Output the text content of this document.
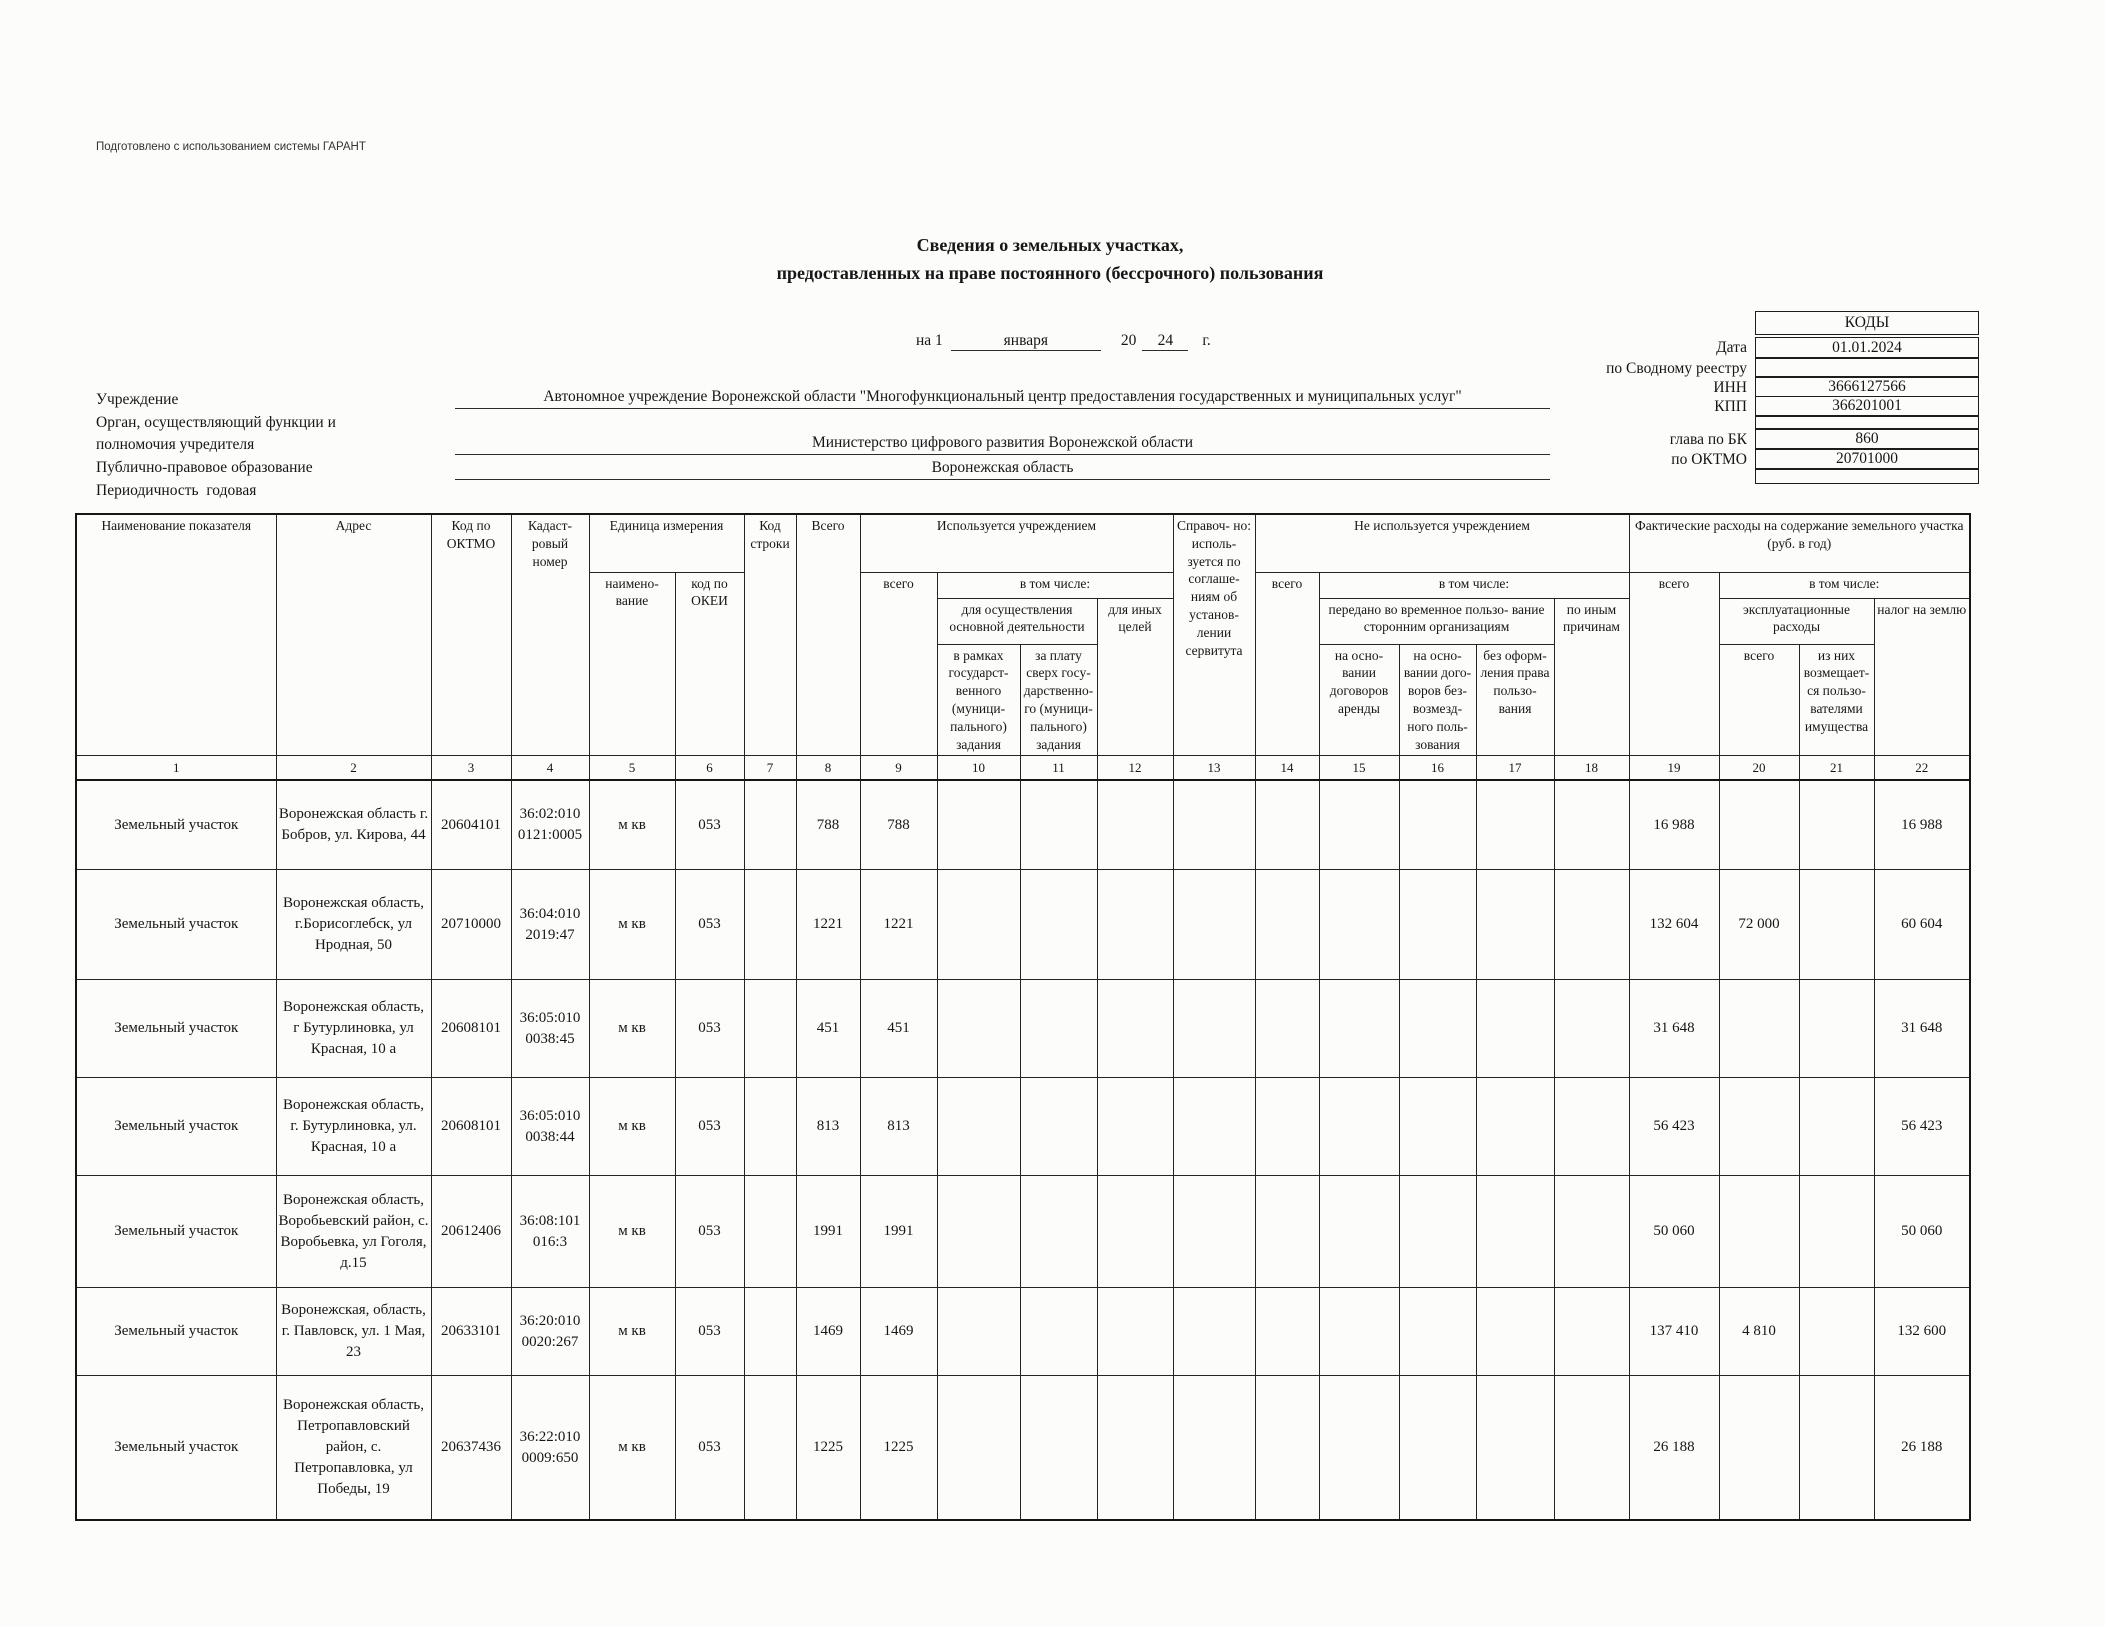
Подготовлено с использованием системы ГАРАНТ
Сведения о земельных участках,
предоставленных на праве постоянного (бессрочного) пользования
на 1	января	20 24 г.
Учреждение	Автономное учреждение Воронежской области "Многофункциональный центр предоставления государственных и муниципальных услуг"
Орган, осуществляющий функции и полномочия учредителя	Министерство цифрового развития Воронежской области
Публично-правовое образование	Воронежская область
Периодичность годовая
КОДЫ
Дата	01.01.2024
по Сводному реестру
ИНН	3666127566
КПП	366201001
глава по БК	860
по ОКТМО	20701000
Наименование показателя	Адрес	Код по ОКТМО	Кадаст- ровый номер	Единица измерения		Код строки	Всего	Используется учреждением				Справоч- но: исполь- зуется по соглаше- ниям об установ- лении сервитута	Не используется учреждением					Фактические расходы на содержание земельного участка (руб. в год)			
				наимено- вание	код по ОКЕИ			всего	в том числе:				всего	в том числе:				всего	в том числе:		
									для осуществления основной деятельности		для иных целей			передано во временное пользо- вание сторонним организациям			по иным причинам		эксплуатационные расходы		налог на землю
									в рамках государст- венного (муници- пального) задания	за плату сверх госу- дарственно- го (муници- пального) задания				на осно- вании договоров аренды	на осно- вании дого- воров без- возмезд- ного поль- зования	без оформ- ления права пользо- вания			всего	из них возмещает- ся пользо- вателями имущества	
1	2	3	4	5	6	7	8	9	10	11	12	13	14	15	16	17	18	19	20	21	22
Земельный участок	Воронежская область г. Бобров, ул. Кирова, 44	20604101	36:02:010 0121:0005	м кв	053		788	788										16 988			16 988
Земельный участок	Воронежская область, г.Борисоглебск, ул Нродная, 50	20710000	36:04:010 2019:47	м кв	053		1221	1221										132 604	72 000		60 604
Земельный участок	Воронежская область, г Бутурлиновка, ул Красная, 10 а	20608101	36:05:010 0038:45	м кв	053		451	451										31 648			31 648
Земельный участок	Воронежская область, г. Бутурлиновка, ул. Красная, 10 а	20608101	36:05:010 0038:44	м кв	053		813	813										56 423			56 423
Земельный участок	Воронежская область, Воробьевский район, с. Воробьевка, ул Гоголя, д.15	20612406	36:08:101 016:3	м кв	053		1991	1991										50 060			50 060
Земельный участок	Воронежская, область, г. Павловск, ул. 1 Мая, 23	20633101	36:20:010 0020:267	м кв	053		1469	1469										137 410	4 810		132 600
Земельный участок	Воронежская область, Петропавловский район, с. Петропавловка, ул Победы, 19	20637436	36:22:010 0009:650	м кв	053		1225	1225										26 188			26 188
